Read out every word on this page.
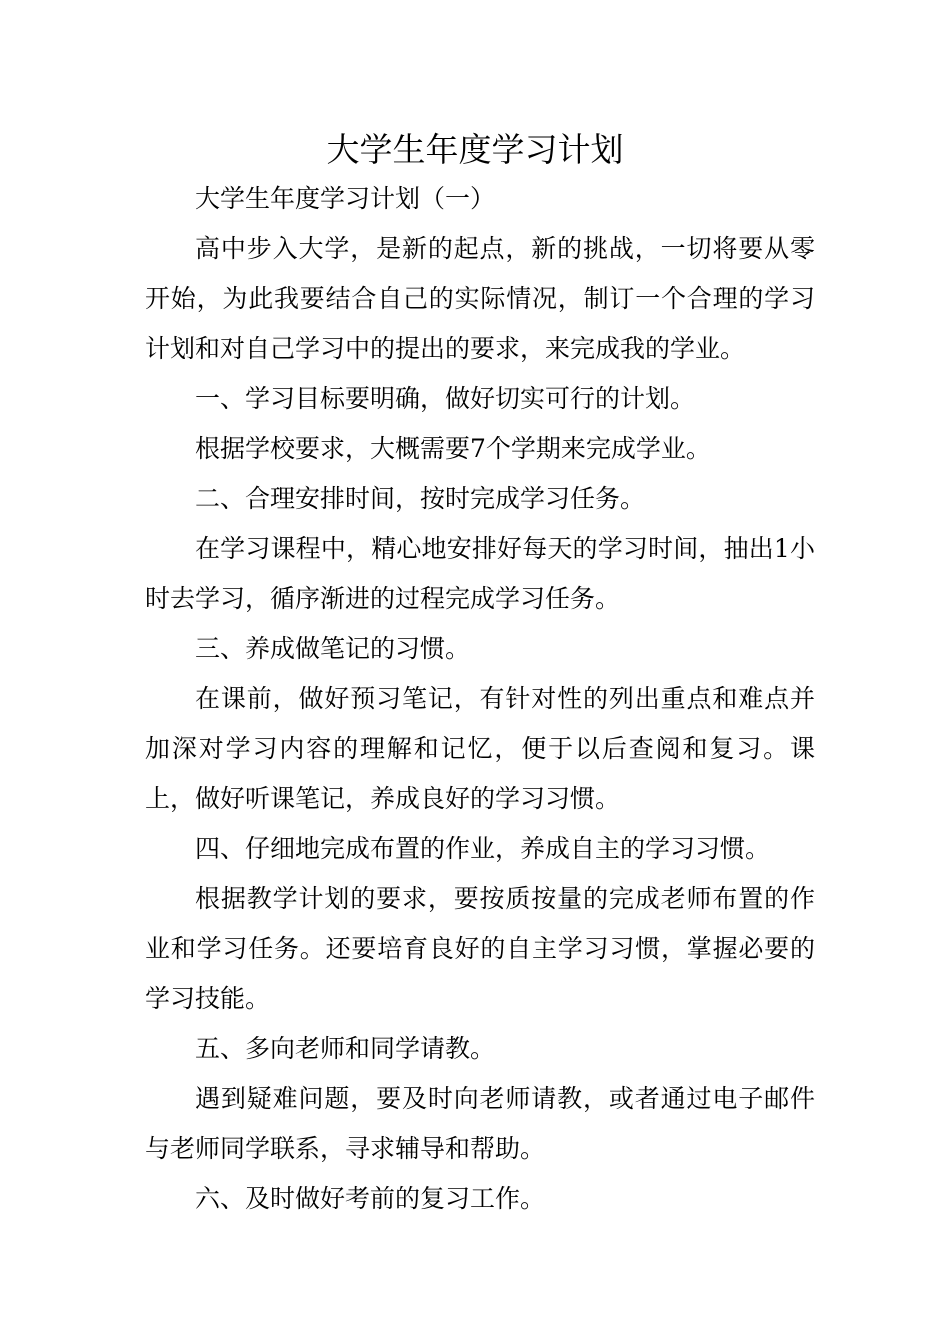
大学生年度学习计划

大学生年度学习计划（一）

高中步入大学，是新的起点，新的挑战，一切将要从零开始，为此我要结合自己的实际情况，制订一个合理的学习计划和对自己学习中的提出的要求，来完成我的学业。

一、学习目标要明确，做好切实可行的计划。

根据学校要求，大概需要7个学期来完成学业。

二、合理安排时间，按时完成学习任务。

在学习课程中，精心地安排好每天的学习时间，抽出1小时去学习，循序渐进的过程完成学习任务。

三、养成做笔记的习惯。

在课前，做好预习笔记，有针对性的列出重点和难点并加深对学习内容的理解和记忆，便于以后查阅和复习。课上，做好听课笔记，养成良好的学习习惯。

四、仔细地完成布置的作业，养成自主的学习习惯。

根据教学计划的要求，要按质按量的完成老师布置的作业和学习任务。还要培育良好的自主学习习惯，掌握必要的学习技能。

五、多向老师和同学请教。

遇到疑难问题，要及时向老师请教，或者通过电子邮件与老师同学联系，寻求辅导和帮助。

六、及时做好考前的复习工作。
